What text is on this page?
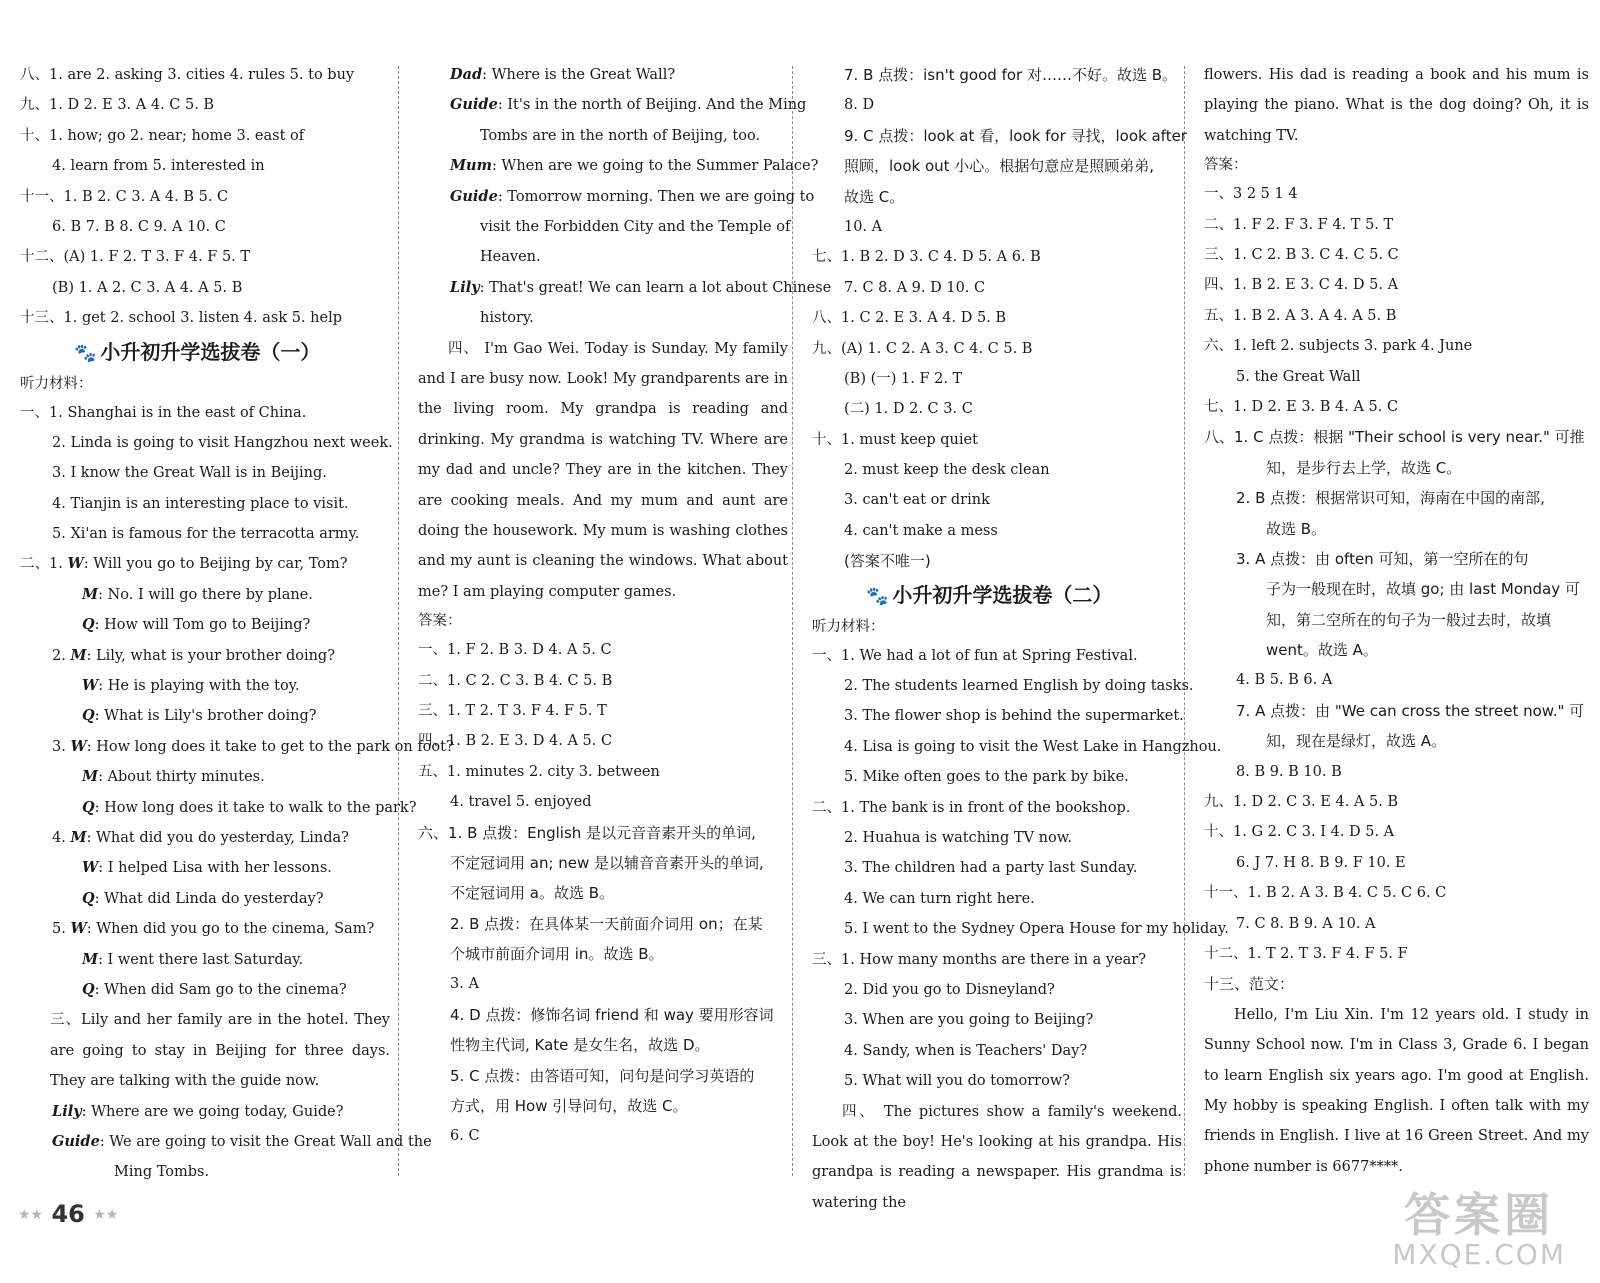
八、1. are 2. asking 3. cities 4. rules 5. to buy
九、1. D 2. E 3. A 4. C 5. B
十、1. how; go 2. near; home 3. east of
4. learn from 5. interested in
十一、1. B 2. C 3. A 4. B 5. C
6. B 7. B 8. C 9. A 10. C
十二、(A) 1. F 2. T 3. F 4. F 5. T
(B) 1. A 2. C 3. A 4. A 5. B
十三、1. get 2. school 3. listen 4. ask 5. help
🐾 小升初升学选拔卷（一）
听力材料：
一、1. Shanghai is in the east of China.
2. Linda is going to visit Hangzhou next week.
3. I know the Great Wall is in Beijing.
4. Tianjin is an interesting place to visit.
5. Xi'an is famous for the terracotta army.
二、1. W: Will you go to Beijing by car, Tom?
M: No. I will go there by plane.
Q: How will Tom go to Beijing?
2. M: Lily, what is your brother doing?
W: He is playing with the toy.
Q: What is Lily's brother doing?
3. W: How long does it take to get to the park on foot?
M: About thirty minutes.
Q: How long does it take to walk to the park?
4. M: What did you do yesterday, Linda?
W: I helped Lisa with her lessons.
Q: What did Linda do yesterday?
5. W: When did you go to the cinema, Sam?
M: I went there last Saturday.
Q: When did Sam go to the cinema?

三、Lily and her family are in the hotel. They are going to stay in Beijing for three days. They are talking with the guide now.

Lily: Where are we going today, Guide?
Guide: We are going to visit the Great Wall and the
Ming Tombs.
Dad: Where is the Great Wall?
Guide: It's in the north of Beijing. And the Ming
Tombs are in the north of Beijing, too.
Mum: When are we going to the Summer Palace?
Guide: Tomorrow morning. Then we are going to
visit the Forbidden City and the Temple of
Heaven.
Lily: That's great! We can learn a lot about Chinese
history.

四、 I'm Gao Wei. Today is Sunday. My family and I are busy now. Look! My grandparents are in the living room. My grandpa is reading and drinking. My grandma is watching TV. Where are my dad and uncle? They are in the kitchen. They are cooking meals. And my mum and aunt are doing the housework. My mum is washing clothes and my aunt is cleaning the windows. What about me? I am playing computer games.

答案：
一、1. F 2. B 3. D 4. A 5. C
二、1. C 2. C 3. B 4. C 5. B
三、1. T 2. T 3. F 4. F 5. T
四、1. B 2. E 3. D 4. A 5. C
五、1. minutes 2. city 3. between
4. travel 5. enjoyed
六、1. B 点拨：English 是以元音音素开头的单词,
不定冠词用 an; new 是以辅音音素开头的单词,
不定冠词用 a。故选 B。
2. B 点拨：在具体某一天前面介词用 on；在某
个城市前面介词用 in。故选 B。
3. A
4. D 点拨：修饰名词 friend 和 way 要用形容词
性物主代词, Kate 是女生名，故选 D。
5. C 点拨：由答语可知，问句是问学习英语的
方式，用 How 引导问句，故选 C。
6. C
7. B 点拨：isn't good for 对……不好。故选 B。
8. D
9. C 点拨：look at 看，look for 寻找，look after
照顾，look out 小心。根据句意应是照顾弟弟,
故选 C。
10. A
七、1. B 2. D 3. C 4. D 5. A 6. B
7. C 8. A 9. D 10. C
八、1. C 2. E 3. A 4. D 5. B
九、(A) 1. C 2. A 3. C 4. C 5. B
(B) (一) 1. F 2. T
(二) 1. D 2. C 3. C
十、1. must keep quiet
2. must keep the desk clean
3. can't eat or drink
4. can't make a mess
(答案不唯一)
🐾 小升初升学选拔卷（二）
听力材料：
一、1. We had a lot of fun at Spring Festival.
2. The students learned English by doing tasks.
3. The flower shop is behind the supermarket.
4. Lisa is going to visit the West Lake in Hangzhou.
5. Mike often goes to the park by bike.
二、1. The bank is in front of the bookshop.
2. Huahua is watching TV now.
3. The children had a party last Sunday.
4. We can turn right here.
5. I went to the Sydney Opera House for my holiday.
三、1. How many months are there in a year?
2. Did you go to Disneyland?
3. When are you going to Beijing?
4. Sandy, when is Teachers' Day?
5. What will you do tomorrow?

四、 The pictures show a family's weekend. Look at the boy! He's looking at his grandpa. His grandpa is reading a newspaper. His grandma is watering the

flowers. His dad is reading a book and his mum is playing the piano. What is the dog doing? Oh, it is watching TV.

答案：
一、3 2 5 1 4
二、1. F 2. F 3. F 4. T 5. T
三、1. C 2. B 3. C 4. C 5. C
四、1. B 2. E 3. C 4. D 5. A
五、1. B 2. A 3. A 4. A 5. B
六、1. left 2. subjects 3. park 4. June
5. the Great Wall
七、1. D 2. E 3. B 4. A 5. C
八、1. C 点拨：根据 "Their school is very near." 可推
知，是步行去上学，故选 C。
2. B 点拨：根据常识可知，海南在中国的南部,
故选 B。
3. A 点拨：由 often 可知，第一空所在的句
子为一般现在时，故填 go; 由 last Monday 可
知，第二空所在的句子为一般过去时，故填
went。故选 A。
4. B 5. B 6. A
7. A 点拨：由 "We can cross the street now." 可
知，现在是绿灯，故选 A。
8. B 9. B 10. B
九、1. D 2. C 3. E 4. A 5. B
十、1. G 2. C 3. I 4. D 5. A
6. J 7. H 8. B 9. F 10. E
十一、1. B 2. A 3. B 4. C 5. C 6. C
7. C 8. B 9. A 10. A
十二、1. T 2. T 3. F 4. F 5. F
十三、范文：

Hello, I'm Liu Xin. I'm 12 years old. I study in Sunny School now. I'm in Class 3, Grade 6. I began to learn English six years ago. I'm good at English. My hobby is speaking English. I often talk with my friends in English. I live at 16 Green Street. And my phone number is 6677****.

★★ 46 ★★	答案圈
MXQE.COM
